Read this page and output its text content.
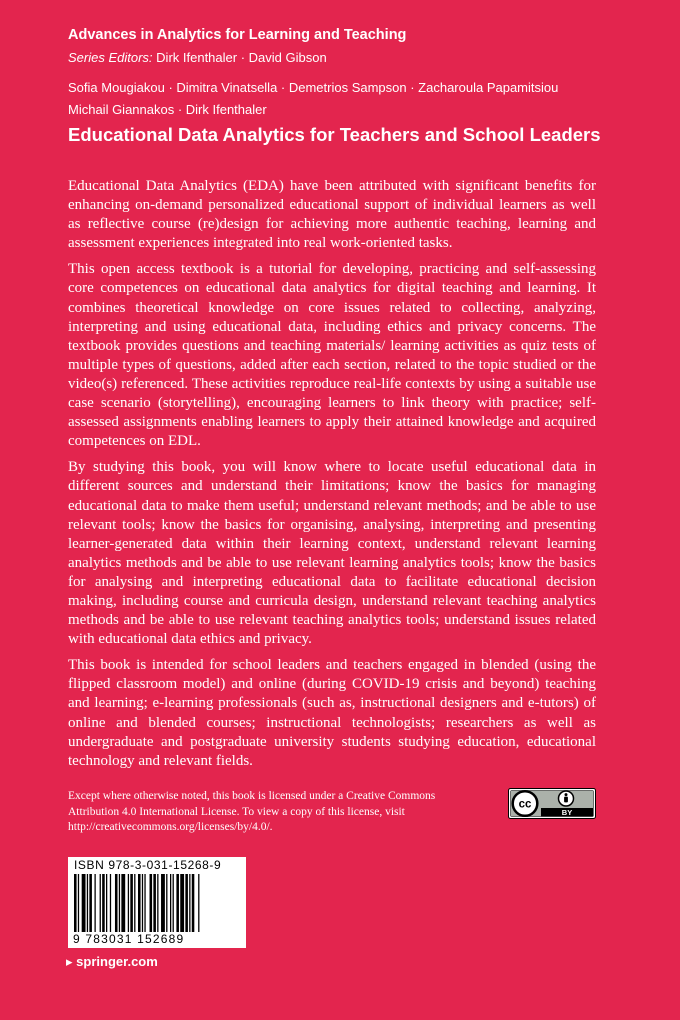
Advances in Analytics for Learning and Teaching
Series Editors: Dirk Ifenthaler · David Gibson
Sofia Mougiakou · Dimitra Vinatsella · Demetrios Sampson · Zacharoula Papamitsiou
Michail Giannakos · Dirk Ifenthaler
Educational Data Analytics for Teachers and School Leaders

Educational Data Analytics (EDA) have been attributed with significant benefits for enhancing on-demand personalized educational support of individual learners as well as reflective course (re)design for achieving more authentic teaching, learning and assessment experiences integrated into real work-oriented tasks.

This open access textbook is a tutorial for developing, practicing and self-assessing core competences on educational data analytics for digital teaching and learning. It combines theoretical knowledge on core issues related to collecting, analyzing, interpreting and using educational data, including ethics and privacy concerns. The textbook provides questions and teaching materials/ learning activities as quiz tests of multiple types of questions, added after each section, related to the topic studied or the video(s) referenced. These activities reproduce real-life contexts by using a suitable use case scenario (storytelling), encouraging learners to link theory with practice; self-assessed assignments enabling learners to apply their attained knowledge and acquired competences on EDL.

By studying this book, you will know where to locate useful educational data in different sources and understand their limitations; know the basics for managing educational data to make them useful; understand relevant methods; and be able to use relevant tools; know the basics for organising, analysing, interpreting and presenting learner-generated data within their learning context, understand relevant learning analytics methods and be able to use relevant learning analytics tools; know the basics for analysing and interpreting educational data to facilitate educational decision making, including course and curricula design, understand relevant teaching analytics methods and be able to use relevant teaching analytics tools; understand issues related with educational data ethics and privacy.

This book is intended for school leaders and teachers engaged in blended (using the flipped classroom model) and online (during COVID-19 crisis and beyond) teaching and learning; e-learning professionals (such as, instructional designers and e-tutors) of online and blended courses; instructional technologists; researchers as well as undergraduate and postgraduate university students studying education, educational technology and relevant fields.

Except where otherwise noted, this book is licensed under a Creative Commons Attribution 4.0 International License. To view a copy of this license, visit http://creativecommons.org/licenses/by/4.0/.
cc
BY
ISBN 978-3-031-15268-9
9 783031 152689
▸ springer.com
